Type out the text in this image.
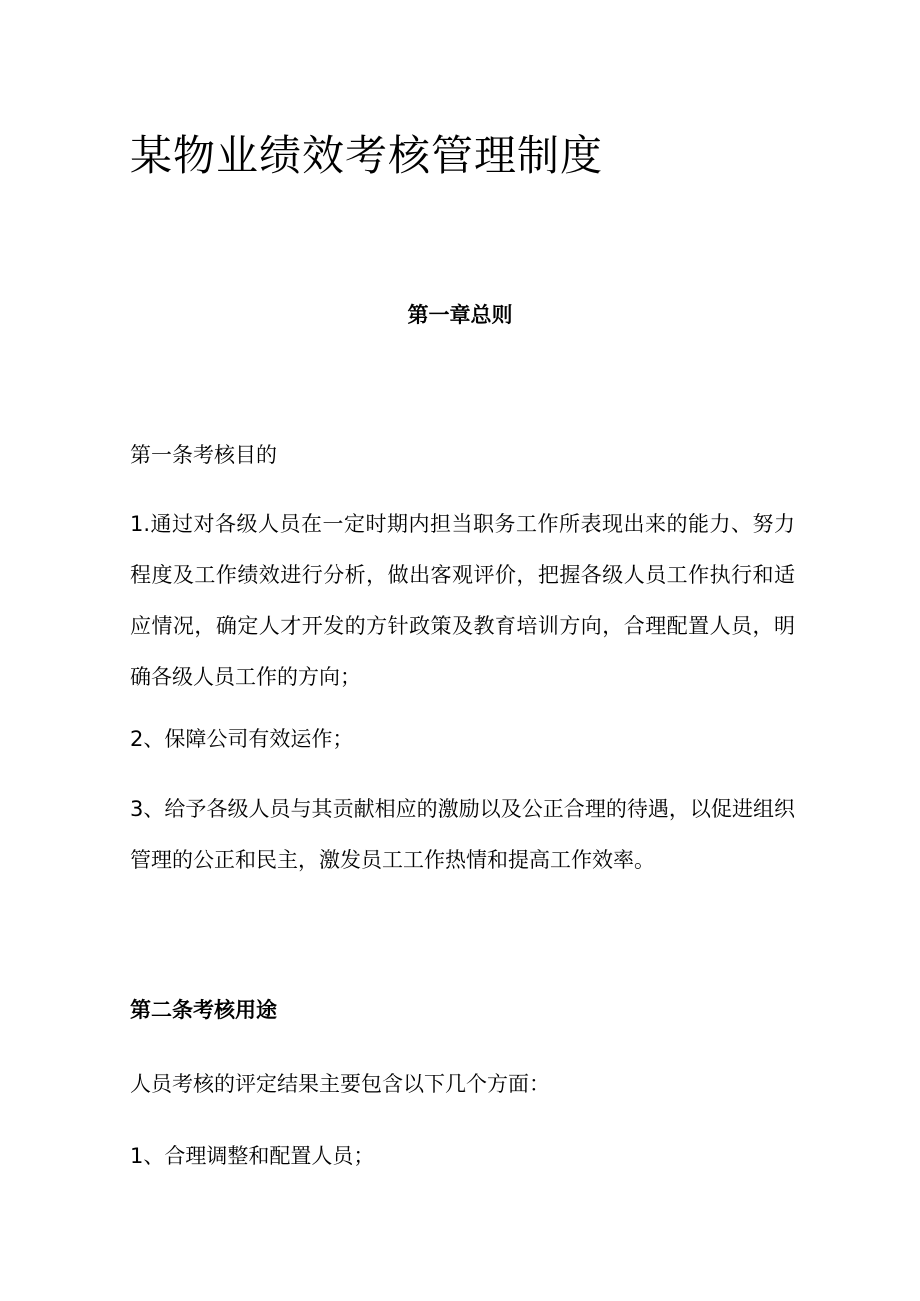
某物业绩效考核管理制度
第一章总则
第一条考核目的
1.通过对各级人员在一定时期内担当职务工作所表现出来的能力、努力程度及工作绩效进行分析，做出客观评价，把握各级人员工作执行和适应情况，确定人才开发的方针政策及教育培训方向，合理配置人员，明确各级人员工作的方向；
2、保障公司有效运作；
3、给予各级人员与其贡献相应的激励以及公正合理的待遇，以促进组织管理的公正和民主，激发员工工作热情和提高工作效率。
第二条考核用途
人员考核的评定结果主要包含以下几个方面：
1、合理调整和配置人员；
